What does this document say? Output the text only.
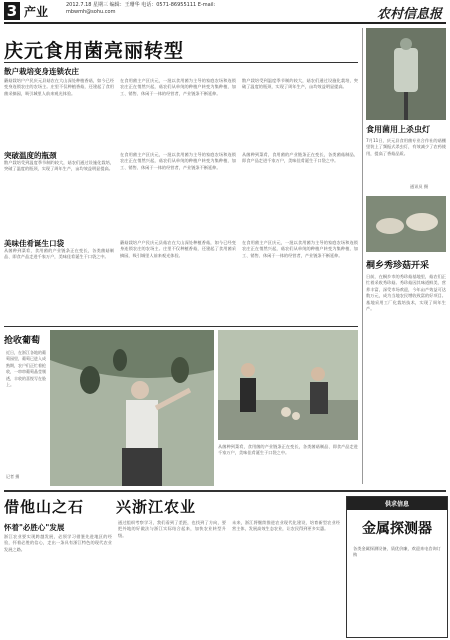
3 产业	2012.7.18 星期三 编辑：王珊华 电话：0571-86955111 E-mail: mbwmh@sohu.com	农村信息报
庆元食用菌亮丽转型
散户栽培变身连锁农庄
蘑菇栽培户户民庆元县菇农在大山深处种植香菇，如今已经变身连锁农庄的农场主。庄里不仅种植香菇，还建起了食用菌采摘园，吸引城里人前来观光体验。
在食用菌主产区庆元，一批以食用菌为主导的家庭农场和连锁农庄正在悄然兴起，菇农们从单纯的种植户转变为集种植、加工、销售、休闲于一体的经营者，产业链条不断延伸。
散户栽培受到温度季节制约较大，菇农们通过设施化栽培，突破了温度的瓶颈，实现了周年生产，亩均效益明显提高。
突破温度的瓶颈
散户栽培受到温度季节制约较大，菇农们通过设施化栽培，突破了温度的瓶颈，实现了周年生产，亩均效益明显提高。
在食用菌主产区庆元，一批以食用菌为主导的家庭农场和连锁农庄正在悄然兴起，菇农们从单纯的种植户转变为集种植、加工、销售、休闲于一体的经营者，产业链条不断延伸。
从菌种到菜肴，食用菌的产业链条正在变长，各类菌菇制品、即食产品走进千家万户，美味佳肴诞生于口袋之中。
美味佳肴诞生口袋
从菌种到菜肴，食用菌的产业链条正在变长，各类菌菇制品、即食产品走进千家万户，美味佳肴诞生于口袋之中。
蘑菇栽培户户民庆元县菇农在大山深处种植香菇，如今已经变身连锁农庄的农场主。庄里不仅种植香菇，还建起了食用菌采摘园，吸引城里人前来观光体验。
在食用菌主产区庆元，一批以食用菌为主导的家庭农场和连锁农庄正在悄然兴起，菇农们从单纯的种植户转变为集种植、加工、销售、休闲于一体的经营者，产业链条不断延伸。
抢收葡萄
近日，在浙江各地的葡萄园里，葡萄已进入成熟期，农户们正忙着抢收，一串串葡萄晶莹剔透，丰收的喜悦写在脸上。
记者 摄
从菌种到菜肴，食用菌的产业链条正在变长，各类菌菇制品、即食产品走进千家万户，美味佳肴诞生于口袋之中。
食用菌用上杀虫灯
7月11日，庆元县食用菌专业合作社的菇棚里装上了频振式杀虫灯，有效减少了农药使用，提高了香菇品质。
通讯员 摄
桐乡秀珍菇开采
日前，在桐乡市的秀珍菇基地里，菇农们正忙着采收秀珍菇。秀珍菇因其味道鲜美、营养丰富，深受市场欢迎，今年亩产效益可达数万元，成为当地农民增收致富的好项目。基地采用工厂化栽培技术，实现了周年生产。
借他山之石 兴浙江农业
怀着"必胜心"发展
浙江农业要实现跨越发展，必须学习借鉴先进地区的经验，怀着必胜的信心，走出一条具有浙江特色的现代农业发展之路。
通过组织考察学习，我们看到了差距，也找到了方向，要把外地的好做法与浙江实际结合起来，加快农业转型升级。
未来，浙江将继续推进农业现代化建设，培育新型农业经营主体，发展高效生态农业，让农民得到更多实惠。
供求信息
金属探测器
各类金属探测设备，质优价廉，欢迎来电咨询订购
